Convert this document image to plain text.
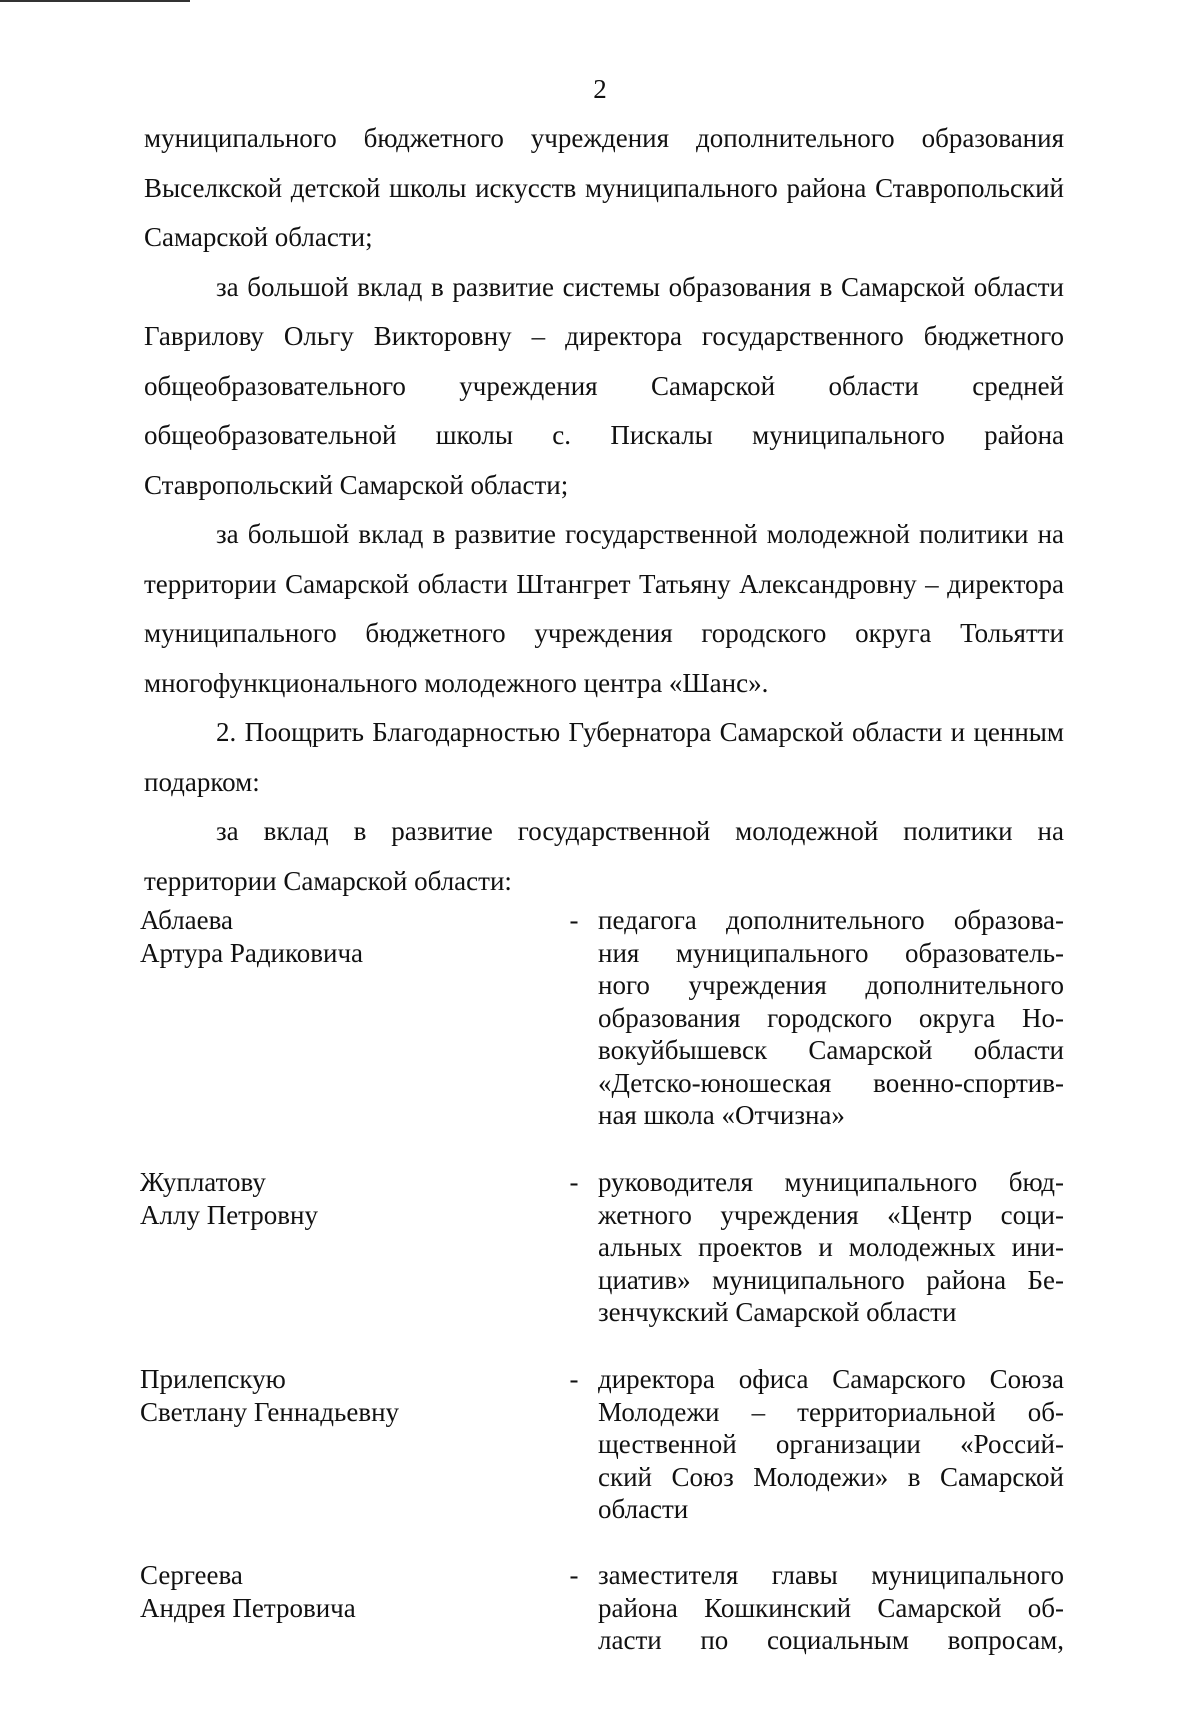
2

муниципального бюджетного учреждения дополнительного образования Выселкской детской школы искусств муниципального района Ставропольский Самарской области;

за большой вклад в развитие системы образования в Самарской области Гаврилову Ольгу Викторовну – директора государственного бюджетного общеобразовательного учреждения Самарской области средней общеобразовательной школы с. Пискалы муниципального района Ставропольский Самарской области;

за большой вклад в развитие государственной молодежной политики на территории Самарской области Штангрет Татьяну Александровну – директора муниципального бюджетного учреждения городского округа Тольятти многофункционального молодежного центра «Шанс».

2. Поощрить Благодарностью Губернатора Самарской области и ценным подарком:

за вклад в развитие государственной молодежной политики на территории Самарской области:

Аблаева
Артура Радиковича
- педагога дополнительного образова-
ния муниципального образователь-
ного учреждения дополнительного
образования городского округа Но-
вокуйбышевск Самарской области
«Детско-юношеская военно-спортив-
ная школа «Отчизна»
Жуплатову
Аллу Петровну
- руководителя муниципального бюд-
жетного учреждения «Центр соци-
альных проектов и молодежных ини-
циатив» муниципального района Бе-
зенчукский Самарской области
Прилепскую
Светлану Геннадьевну
- директора офиса Самарского Союза
Молодежи – территориальной об-
щественной организации «Россий-
ский Союз Молодежи» в Самарской
области
Сергеева
Андрея Петровича
- заместителя главы муниципального
района Кошкинский Самарской об-
ласти по социальным вопросам,
